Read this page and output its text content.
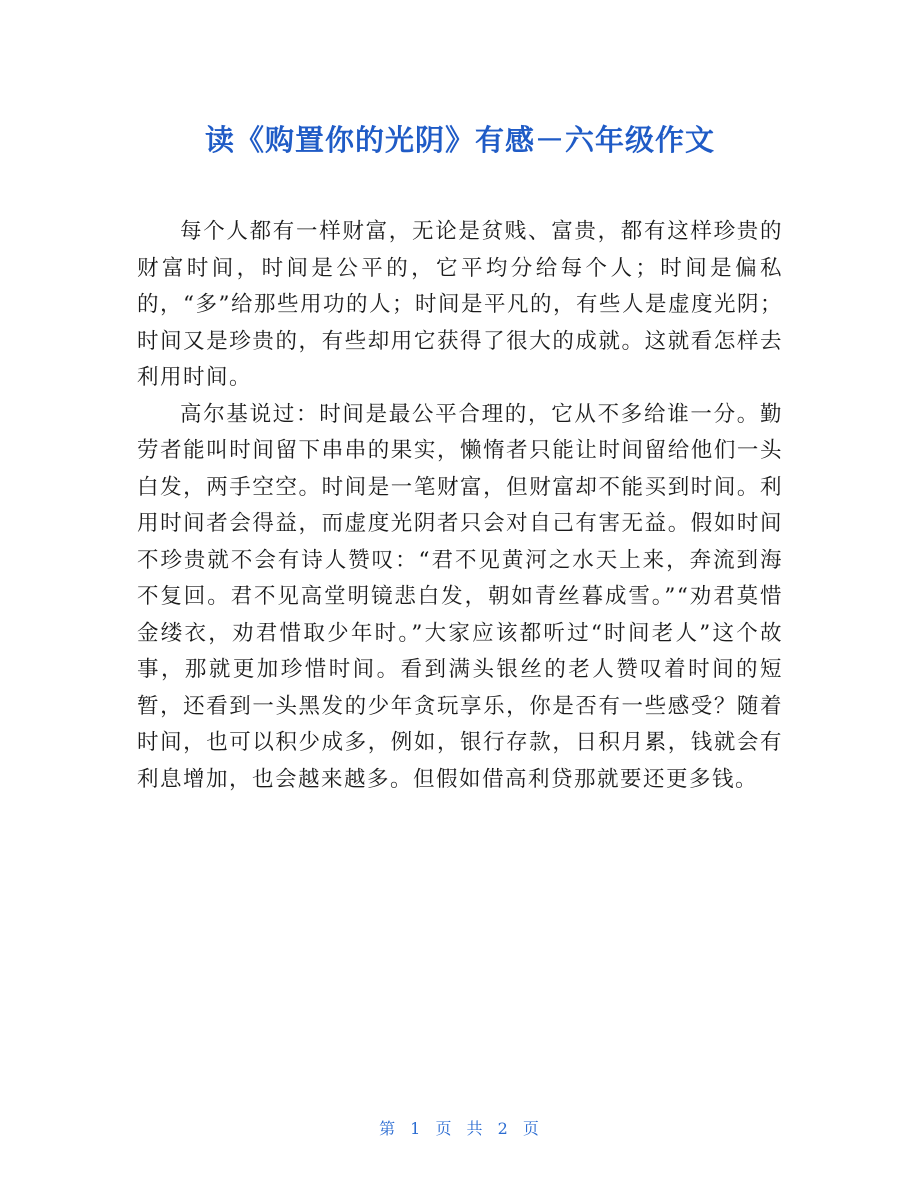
读《购置你的光阴》有感－六年级作文

每个人都有一样财富，无论是贫贱、富贵，都有这样珍贵的财富时间，时间是公平的，它平均分给每个人；时间是偏私的，“多”给那些用功的人；时间是平凡的，有些人是虚度光阴；时间又是珍贵的，有些却用它获得了很大的成就。这就看怎样去利用时间。

高尔基说过：时间是最公平合理的，它从不多给谁一分。勤劳者能叫时间留下串串的果实，懒惰者只能让时间留给他们一头白发，两手空空。时间是一笔财富，但财富却不能买到时间。利用时间者会得益，而虚度光阴者只会对自己有害无益。假如时间不珍贵就不会有诗人赞叹：“君不见黄河之水天上来，奔流到海不复回。君不见高堂明镜悲白发，朝如青丝暮成雪。”“劝君莫惜金缕衣，劝君惜取少年时。”大家应该都听过“时间老人”这个故事，那就更加珍惜时间。看到满头银丝的老人赞叹着时间的短暂，还看到一头黑发的少年贪玩享乐，你是否有一些感受？随着时间，也可以积少成多，例如，银行存款，日积月累，钱就会有利息增加，也会越来越多。但假如借高利贷那就要还更多钱。

第 1 页 共 2 页
